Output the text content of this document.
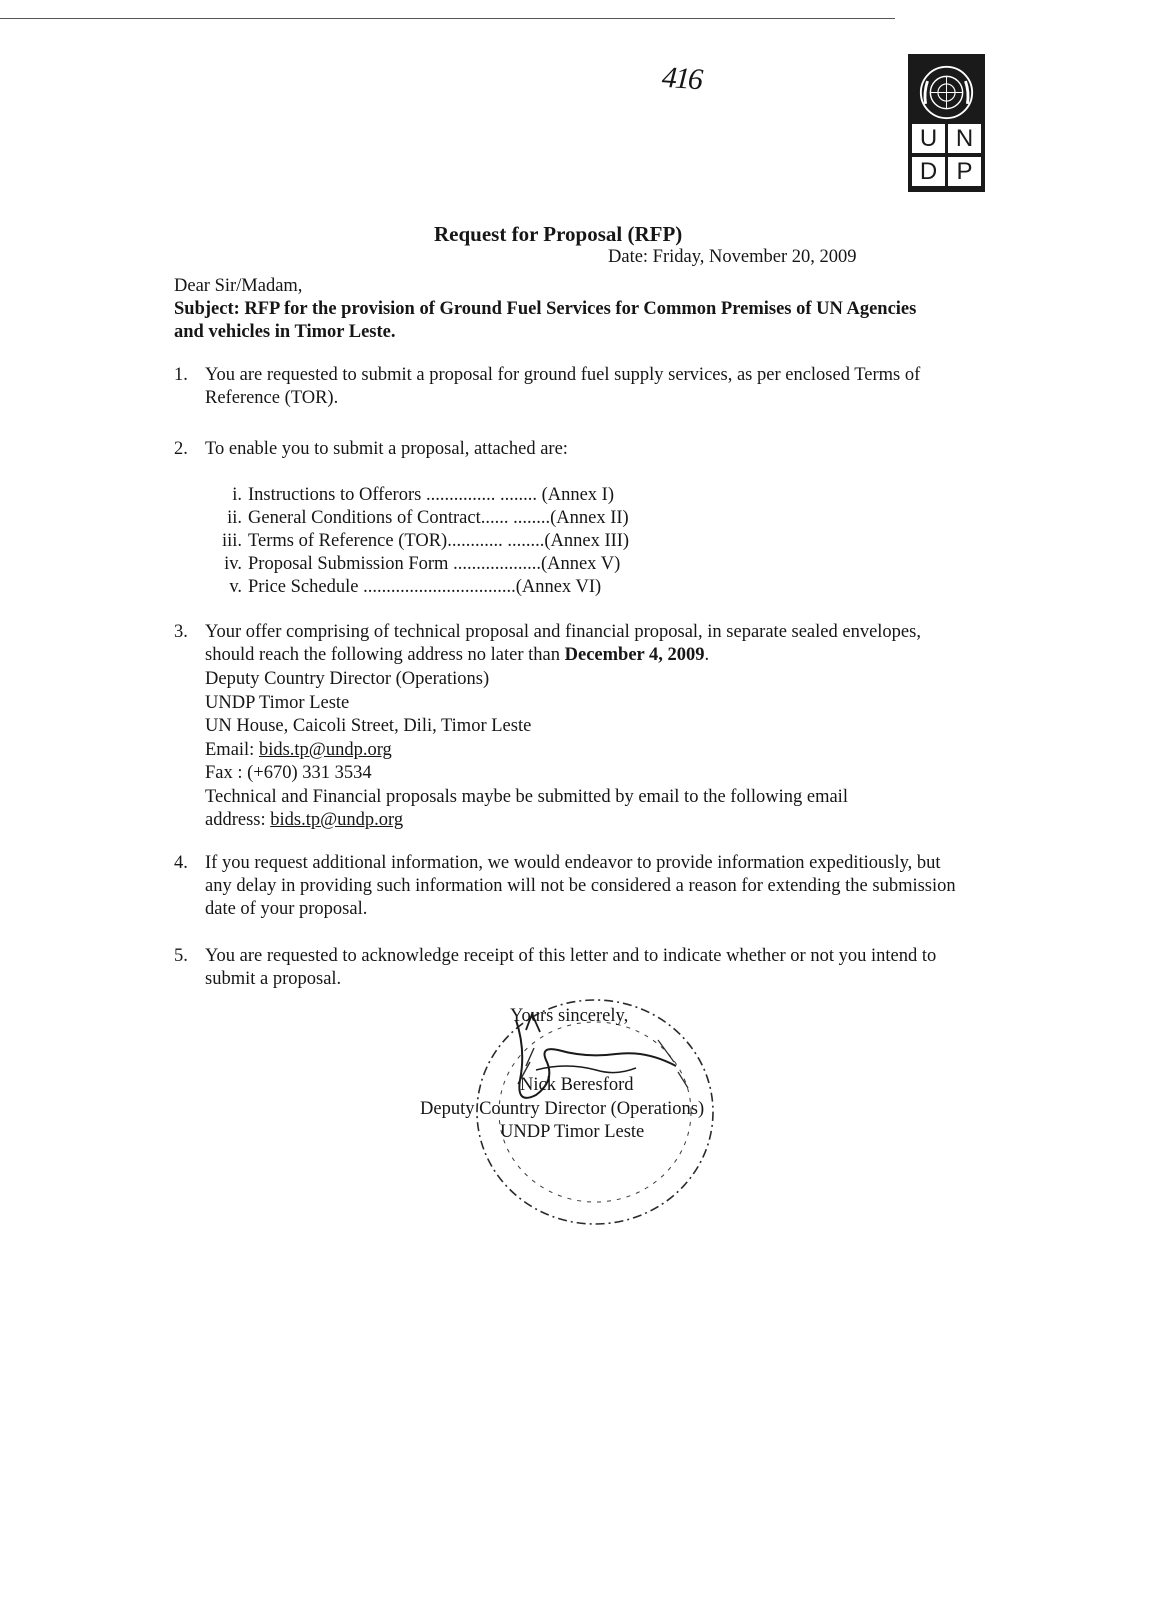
416
U N
D P
Request for Proposal (RFP)
Date: Friday, November 20, 2009
Dear Sir/Madam,
Subject: RFP for the provision of Ground Fuel Services for Common Premises of UN Agencies and vehicles in Timor Leste.
1. You are requested to submit a proposal for ground fuel supply services, as per enclosed Terms of Reference (TOR).
2. To enable you to submit a proposal, attached are:
i. Instructions to Offerors ............... ........ (Annex I)
ii. General Conditions of Contract...... ........(Annex II)
iii. Terms of Reference (TOR)............ ........(Annex III)
iv. Proposal Submission Form ...................(Annex V)
v. Price Schedule .................................(Annex VI)
3. Your offer comprising of technical proposal and financial proposal, in separate sealed envelopes, should reach the following address no later than December 4, 2009.
Deputy Country Director (Operations)
UNDP Timor Leste
UN House, Caicoli Street, Dili, Timor Leste
Email: bids.tp@undp.org
Fax : (+670) 331 3534
Technical and Financial proposals maybe be submitted by email to the following email
address: bids.tp@undp.org
4. If you request additional information, we would endeavor to provide information expeditiously, but any delay in providing such information will not be considered a reason for extending the submission date of your proposal.
5. You are requested to acknowledge receipt of this letter and to indicate whether or not you intend to submit a proposal.
Yours sincerely,
Nick Beresford
Deputy Country Director (Operations)
UNDP Timor Leste
